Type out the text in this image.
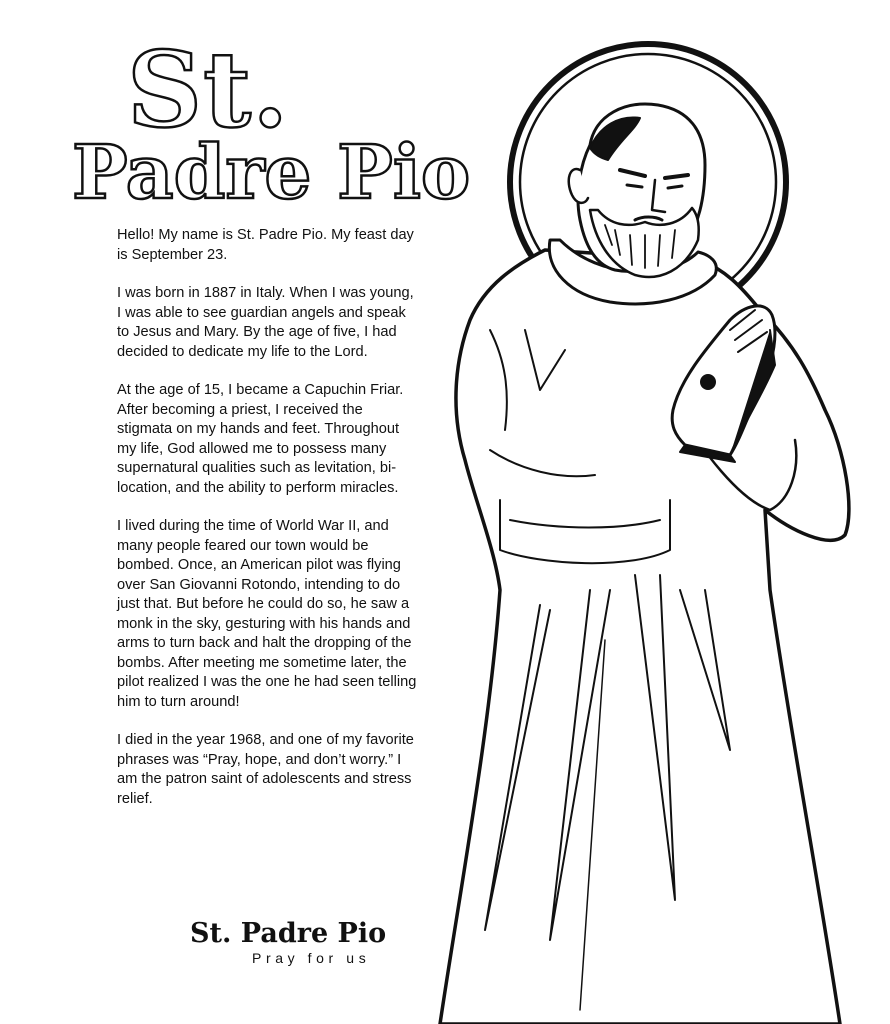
St.
Padre Pio

Hello! My name is St. Padre Pio. My feast day is September 23.

I was born in 1887 in Italy. When I was young, I was able to see guardian angels and speak to Jesus and Mary. By the age of five, I had decided to dedicate my life to the Lord.

At the age of 15, I became a Capuchin Friar. After becoming a priest, I received the stigmata on my hands and feet. Throughout my life, God allowed me to possess many supernatural qualities such as levitation, bi-location, and the ability to perform miracles.

I lived during the time of World War II, and many people feared our town would be bombed. Once, an American pilot was flying over San Giovanni Rotondo, intending to do just that. But before he could do so, he saw a monk in the sky, gesturing with his hands and arms to turn back and halt the dropping of the bombs. After meeting me sometime later, the pilot realized I was the one he had seen telling him to turn around!

I died in the year 1968, and one of my favorite phrases was “Pray, hope, and don’t worry.” I am the patron saint of adolescents and stress relief.

St. Padre Pio
Pray for us
